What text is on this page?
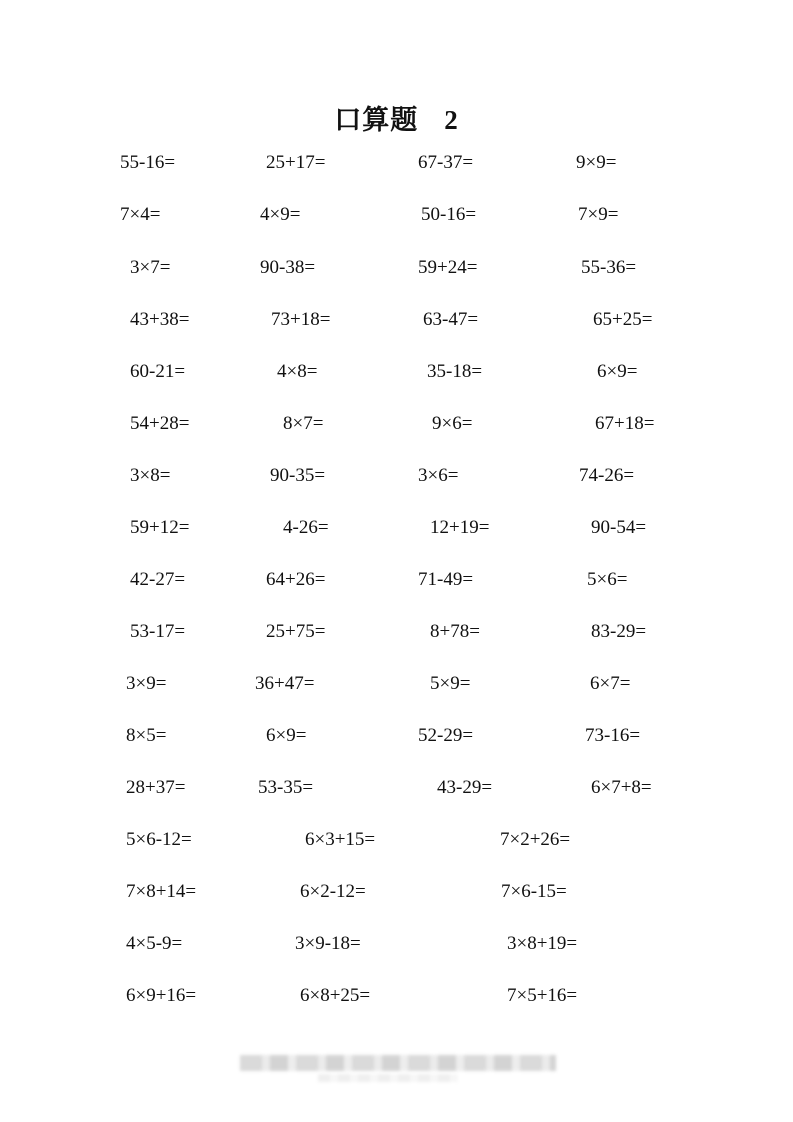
口算题 2
55-16=	25+17=	67-37=	9×9=
7×4=	4×9=	50-16=	7×9=
3×7=	90-38=	59+24=	55-36=
43+38=	73+18=	63-47=	65+25=
60-21=	4×8=	35-18=	6×9=
54+28=	8×7=	9×6=	67+18=
3×8=	90-35=	3×6=	74-26=
59+12=	4-26=	12+19=	90-54=
42-27=	64+26=	71-49=	5×6=
53-17=	25+75=	8+78=	83-29=
3×9=	36+47=	5×9=	6×7=
8×5=	6×9=	52-29=	73-16=
28+37=	53-35=	43-29=	6×7+8=
5×6-12=	6×3+15=	7×2+26=
7×8+14=	6×2-12=	7×6-15=
4×5-9=	3×9-18=	3×8+19=
6×9+16=	6×8+25=	7×5+16=
